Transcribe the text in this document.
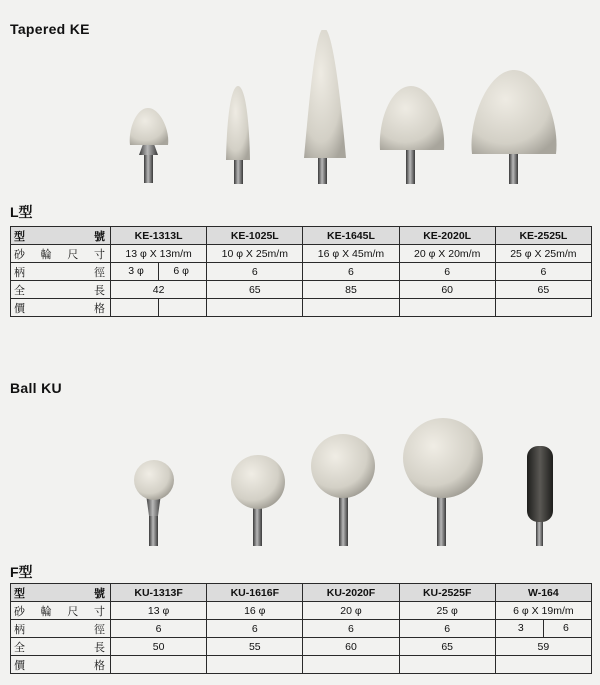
Tapered KE
L型
型 號	KE-1313L	KE-1025L	KE-1645L	KE-2020L	KE-2525L
砂 輪 尺 寸	13 φ X 13m/m	10 φ X 25m/m	16 φ X 45m/m	20 φ X 20m/m	25 φ X 25m/m
柄 徑	3 φ 6 φ	6	6	6	6
全 長	42	65	85	60	65
價 格	

Ball KU
F型
型 號	KU-1313F	KU-1616F	KU-2020F	KU-2525F	W-164
砂 輪 尺 寸	13 φ	16 φ	20 φ	25 φ	6 φ X 19m/m
柄 徑	6	6	6	6	3 6

全 長	50	55	60	65	59
價 格					
